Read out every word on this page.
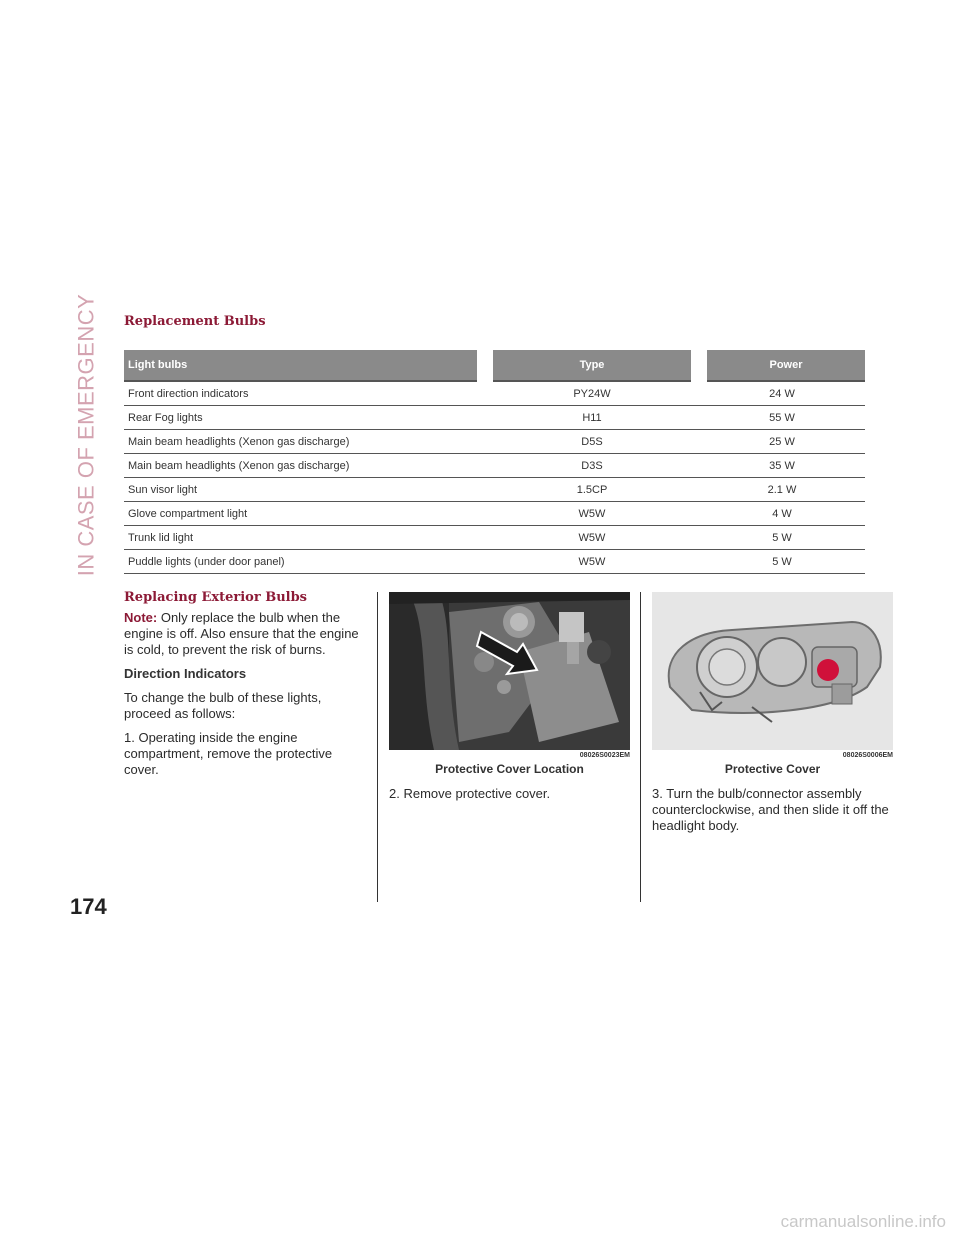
IN CASE OF EMERGENCY Replacement Bulbs
Light bulbs	Type	Power
Front direction indicators	PY24W	24 W
Rear Fog lights	H11	55 W
Main beam headlights (Xenon gas discharge)	D5S	25 W
Main beam headlights (Xenon gas discharge)	D3S	35 W
Sun visor light	1.5CP	2.1 W
Glove compartment light	W5W	4 W
Trunk lid light	W5W	5 W
Puddle lights (under door panel)	W5W	5 W
Replacing Exterior Bulbs

Note: Only replace the bulb when the engine is off. Also ensure that the engine is cold, to prevent the risk of burns.

Direction Indicators

To change the bulb of these lights, proceed as follows:

1. Operating inside the engine compartment, remove the protective cover.

08026S0023EM
Protective Cover Location

2. Remove protective cover.

08026S0006EM
Protective Cover

3. Turn the bulb/connector assembly counterclockwise, and then slide it off the headlight body.

174

carmanualsonline.info
